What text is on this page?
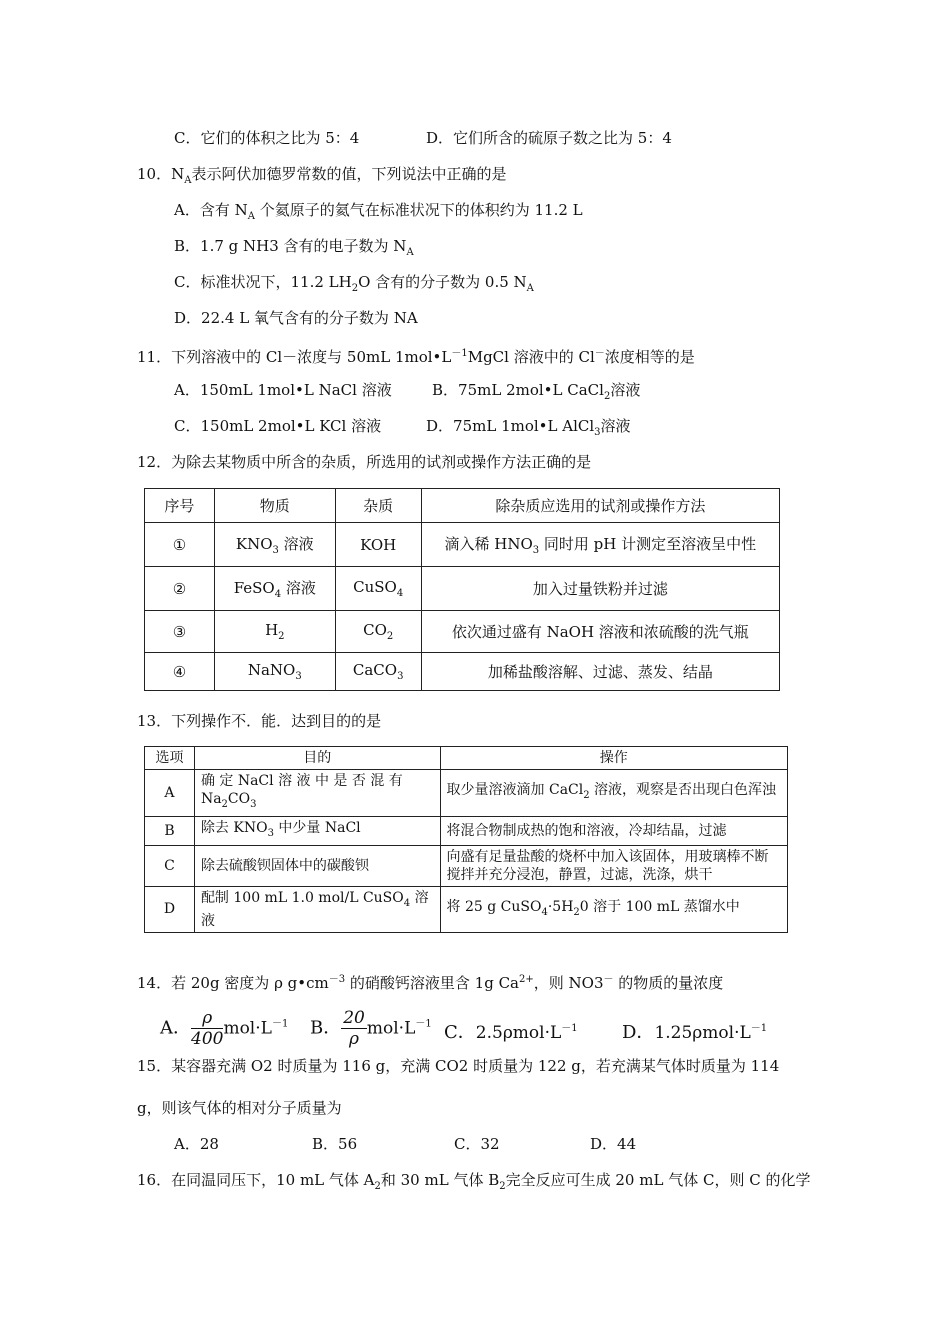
C．它们的体积之比为 5：4	D．它们所含的硫原子数之比为 5：4
10．$N_A$表示阿伏加德罗常数的值，下列说法中正确的是
A．含有 $N_A$ 个氦原子的氦气在标准状况下的体积约为 11.2 L
B．1.7 g NH3 含有的电子数为 $N_A$
C．标准状况下，11.2 $LH_2O$ 含有的分子数为 0.5 $N_A$
D．22.4 L 氧气含有的分子数为 NA
11．下列溶液中的 Cl－浓度与 50mL $1mol•L^{-1}MgCl$ 溶液中的 Cl－浓度相等的是
A．150mL 1mol•L NaCl 溶液	B．75mL 2mol•L CaCl$_2$溶液
C．150mL 2mol•L KCl 溶液	D．75mL 1mol•L AlCl$_3$溶液
12．为除去某物质中所含的杂质，所选用的试剂或操作方法正确的是
序号	物质	杂质	除杂质应选用的试剂或操作方法
①	$KNO_3$ 溶液	KOH	滴入稀 $HNO_3$ 同时用 pH 计测定至溶液呈中性
②	FeSO$_4$ 溶液	CuSO$_4$	加入过量铁粉并过滤
③	$H_2$	$CO_2$	依次通过盛有 NaOH 溶液和浓硫酸的洗气瓶
④	NaNO$_3$	CaCO$_3$	加稀盐酸溶解、过滤、蒸发、结晶
13．下列操作不．能．达到目的的是
选项	目的	操作
A	确 定 NaCl 溶 液 中 是 否 混 有 $Na_2CO_3$	取少量溶液滴加 CaCl$_2$ 溶液，观察是否出现白色浑浊
B	除去 $KNO_3$ 中少量 NaCl	将混合物制成热的饱和溶液，冷却结晶，过滤
C	除去硫酸钡固体中的碳酸钡	向盛有足量盐酸的烧杯中加入该固体，用玻璃棒不断搅拌并充分浸泡，静置，过滤，洗涤，烘干
D	配制 100 mL 1.0 mol/L CuSO$_4$ 溶液	将 25 g $CuSO_4\cdot 5H_20$ 溶于 100 mL 蒸馏水中
14．若 20g 密度为 ρ $g•cm^{-3}$ 的硝酸钙溶液里含 1g $Ca^{2+}$，则 NO3－ 的物质的量浓度
A． $\frac{\rho}{400} mol\cdot L^{-1}$ B． $\frac{20}{\rho} mol\cdot L^{-1}$ C．$2.5\rho mol\cdot L^{-1}$ D．$1.25\rho mol\cdot L^{-1}$
15．某容器充满 O2 时质量为 116 g，充满 CO2 时质量为 122 g，若充满某气体时质量为 114
g，则该气体的相对分子质量为
A．28	B．56	C．32	D．44
16．在同温同压下，10 mL 气体 $A_2$和 30 mL 气体 $B_2$完全反应可生成 20 mL 气体 C，则 C 的化学
